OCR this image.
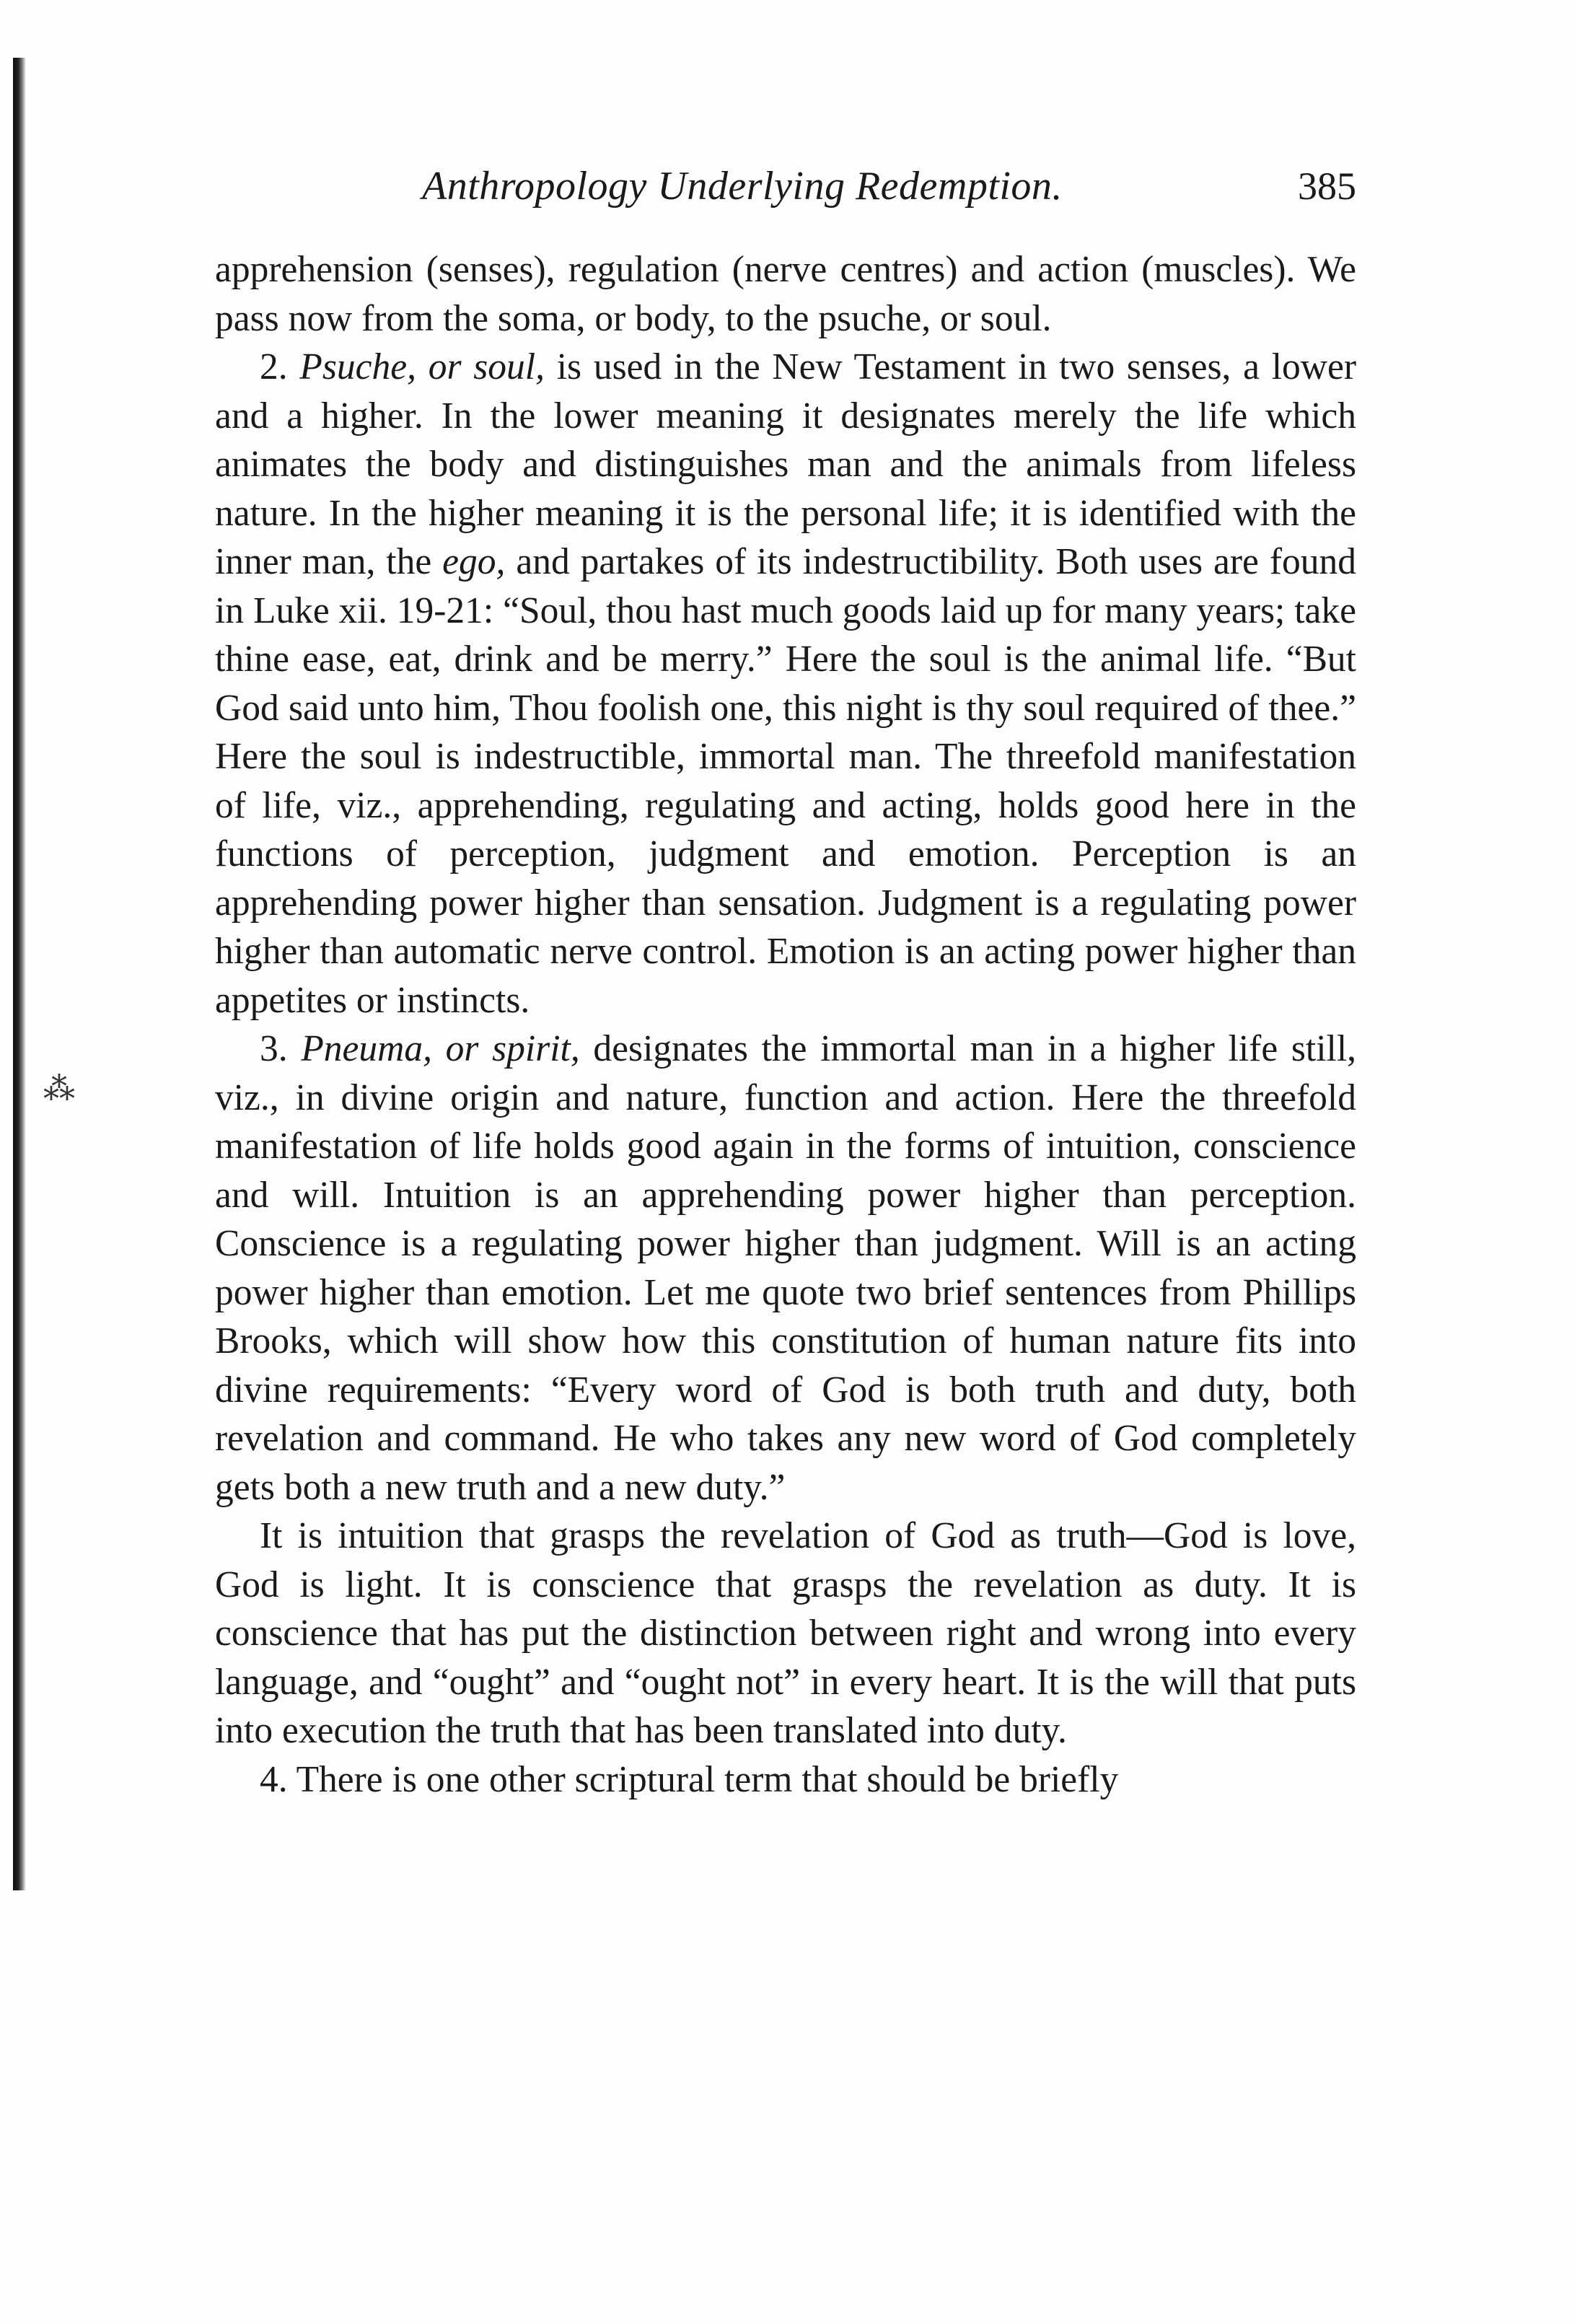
⁂
Anthropology Underlying Redemption.	385

apprehension (senses), regulation (nerve centres) and action (muscles). We pass now from the soma, or body, to the psuche, or soul.

2. Psuche, or soul, is used in the New Testament in two senses, a lower and a higher. In the lower meaning it designates merely the life which animates the body and distinguishes man and the animals from lifeless nature. In the higher meaning it is the personal life; it is identified with the inner man, the ego, and partakes of its indestructibility. Both uses are found in Luke xii. 19-21: “Soul, thou hast much goods laid up for many years; take thine ease, eat, drink and be merry.” Here the soul is the animal life. “But God said unto him, Thou foolish one, this night is thy soul required of thee.” Here the soul is indestructible, immortal man. The threefold manifestation of life, viz., apprehending, regulating and acting, holds good here in the functions of perception, judgment and emotion. Perception is an apprehending power higher than sensation. Judgment is a regulating power higher than automatic nerve control. Emotion is an acting power higher than appetites or instincts.

3. Pneuma, or spirit, designates the immortal man in a higher life still, viz., in divine origin and nature, function and action. Here the threefold manifestation of life holds good again in the forms of intuition, conscience and will. Intuition is an apprehending power higher than perception. Conscience is a regulating power higher than judgment. Will is an acting power higher than emotion. Let me quote two brief sentences from Phillips Brooks, which will show how this constitution of human nature fits into divine requirements: “Every word of God is both truth and duty, both revelation and command. He who takes any new word of God completely gets both a new truth and a new duty.”

It is intuition that grasps the revelation of God as truth—God is love, God is light. It is conscience that grasps the revelation as duty. It is conscience that has put the distinction between right and wrong into every language, and “ought” and “ought not” in every heart. It is the will that puts into execution the truth that has been translated into duty.

4. There is one other scriptural term that should be briefly
